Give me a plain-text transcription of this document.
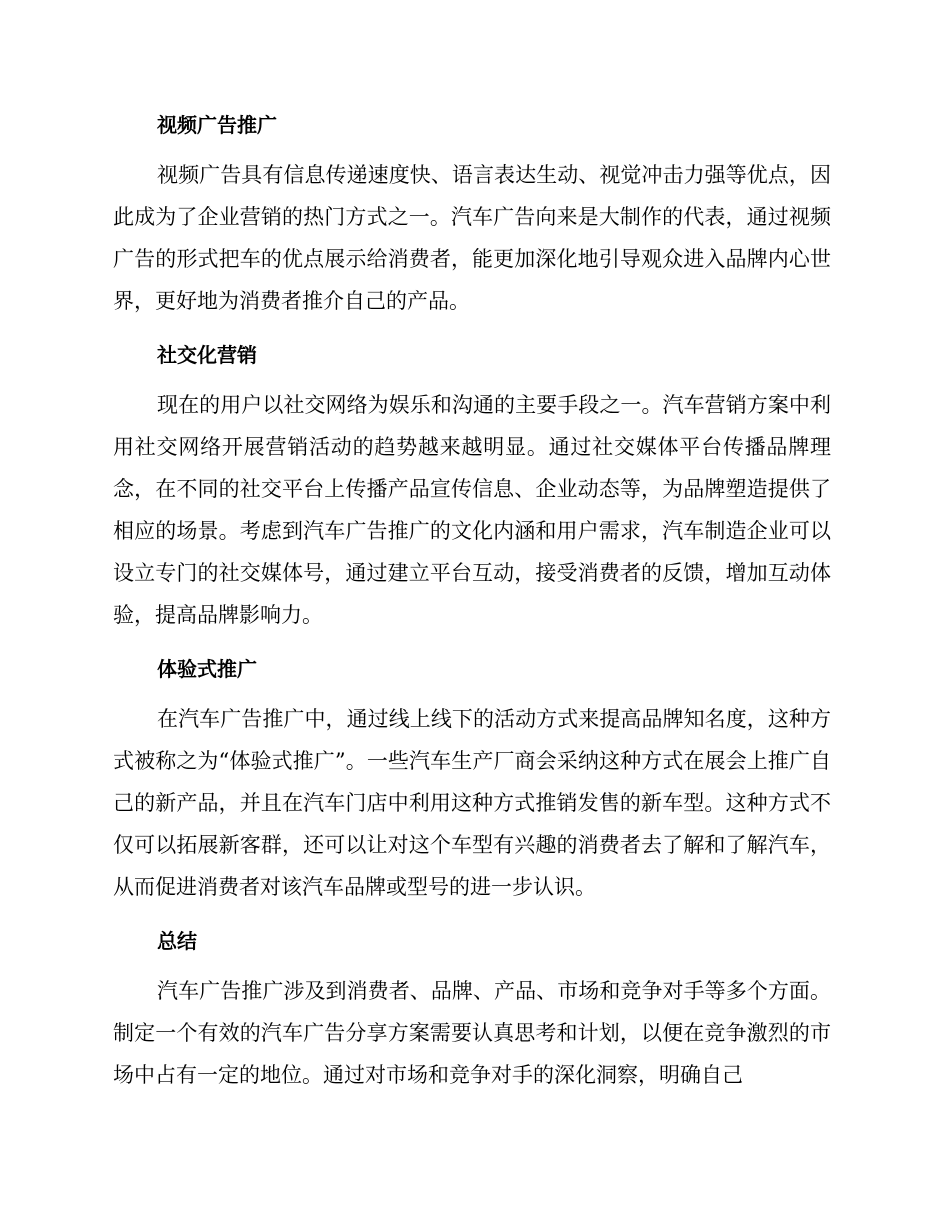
视频广告推广

视频广告具有信息传递速度快、语言表达生动、视觉冲击力强等优点，因此成为了企业营销的热门方式之一。汽车广告向来是大制作的代表，通过视频广告的形式把车的优点展示给消费者，能更加深化地引导观众进入品牌内心世界，更好地为消费者推介自己的产品。

社交化营销

现在的用户以社交网络为娱乐和沟通的主要手段之一。汽车营销方案中利用社交网络开展营销活动的趋势越来越明显。通过社交媒体平台传播品牌理念，在不同的社交平台上传播产品宣传信息、企业动态等，为品牌塑造提供了相应的场景。考虑到汽车广告推广的文化内涵和用户需求，汽车制造企业可以设立专门的社交媒体号，通过建立平台互动，接受消费者的反馈，增加互动体验，提高品牌影响力。

体验式推广

在汽车广告推广中，通过线上线下的活动方式来提高品牌知名度，这种方式被称之为“体验式推广”。一些汽车生产厂商会采纳这种方式在展会上推广自己的新产品，并且在汽车门店中利用这种方式推销发售的新车型。这种方式不仅可以拓展新客群，还可以让对这个车型有兴趣的消费者去了解和了解汽车，从而促进消费者对该汽车品牌或型号的进一步认识。

总结

汽车广告推广涉及到消费者、品牌、产品、市场和竞争对手等多个方面。制定一个有效的汽车广告分享方案需要认真思考和计划，以便在竞争激烈的市场中占有一定的地位。通过对市场和竞争对手的深化洞察，明确自己
